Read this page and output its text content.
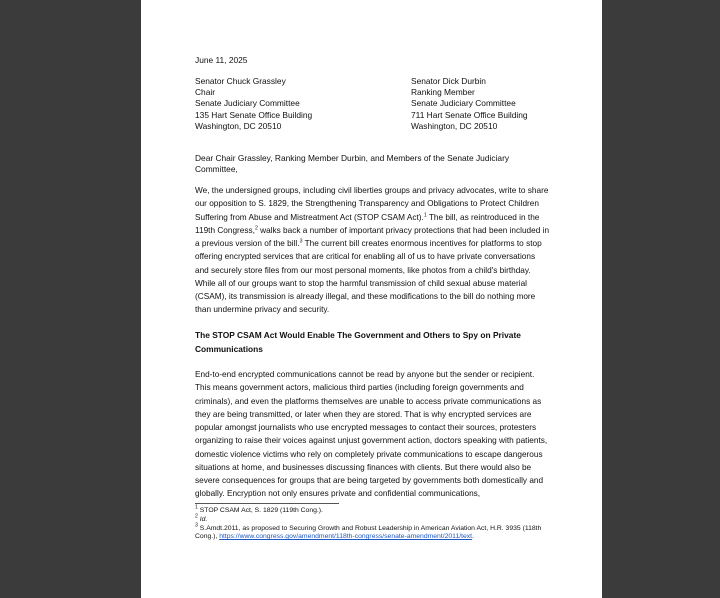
June 11, 2025
Senator Chuck Grassley
Chair
Senate Judiciary Committee
135 Hart Senate Office Building
Washington, DC 20510
Senator Dick Durbin
Ranking Member
Senate Judiciary Committee
711 Hart Senate Office Building
Washington, DC 20510
Dear Chair Grassley, Ranking Member Durbin, and Members of the Senate Judiciary Committee,
We, the undersigned groups, including civil liberties groups and privacy advocates, write to share our opposition to S. 1829, the Strengthening Transparency and Obligations to Protect Children Suffering from Abuse and Mistreatment Act (STOP CSAM Act).$^1$ The bill, as reintroduced in the 119th Congress,$^2$ walks back a number of important privacy protections that had been included in a previous version of the bill.$^3$ The current bill creates enormous incentives for platforms to stop offering encrypted services that are critical for enabling all of us to have private conversations and securely store files from our most personal moments, like photos from a child's birthday. While all of our groups want to stop the harmful transmission of child sexual abuse material (CSAM), its transmission is already illegal, and these modifications to the bill do nothing more than undermine privacy and security.
The STOP CSAM Act Would Enable The Government and Others to Spy on Private Communications
End-to-end encrypted communications cannot be read by anyone but the sender or recipient. This means government actors, malicious third parties (including foreign governments and criminals), and even the platforms themselves are unable to access private communications as they are being transmitted, or later when they are stored. That is why encrypted services are popular amongst journalists who use encrypted messages to contact their sources, protesters organizing to raise their voices against unjust government action, doctors speaking with patients, domestic violence victims who rely on completely private communications to escape dangerous situations at home, and businesses discussing finances with clients. But there would also be severe consequences for groups that are being targeted by governments both domestically and globally. Encryption not only ensures private and confidential communications,
$^1$ STOP CSAM Act, S. 1829 (119th Cong.).
$^2$ Id.
$^3$ S.Amdt.2011, as proposed to Securing Growth and Robust Leadership in American Aviation Act, H.R. 3935 (118th Cong.), https://www.congress.gov/amendment/118th-congress/senate-amendment/2011/text.
